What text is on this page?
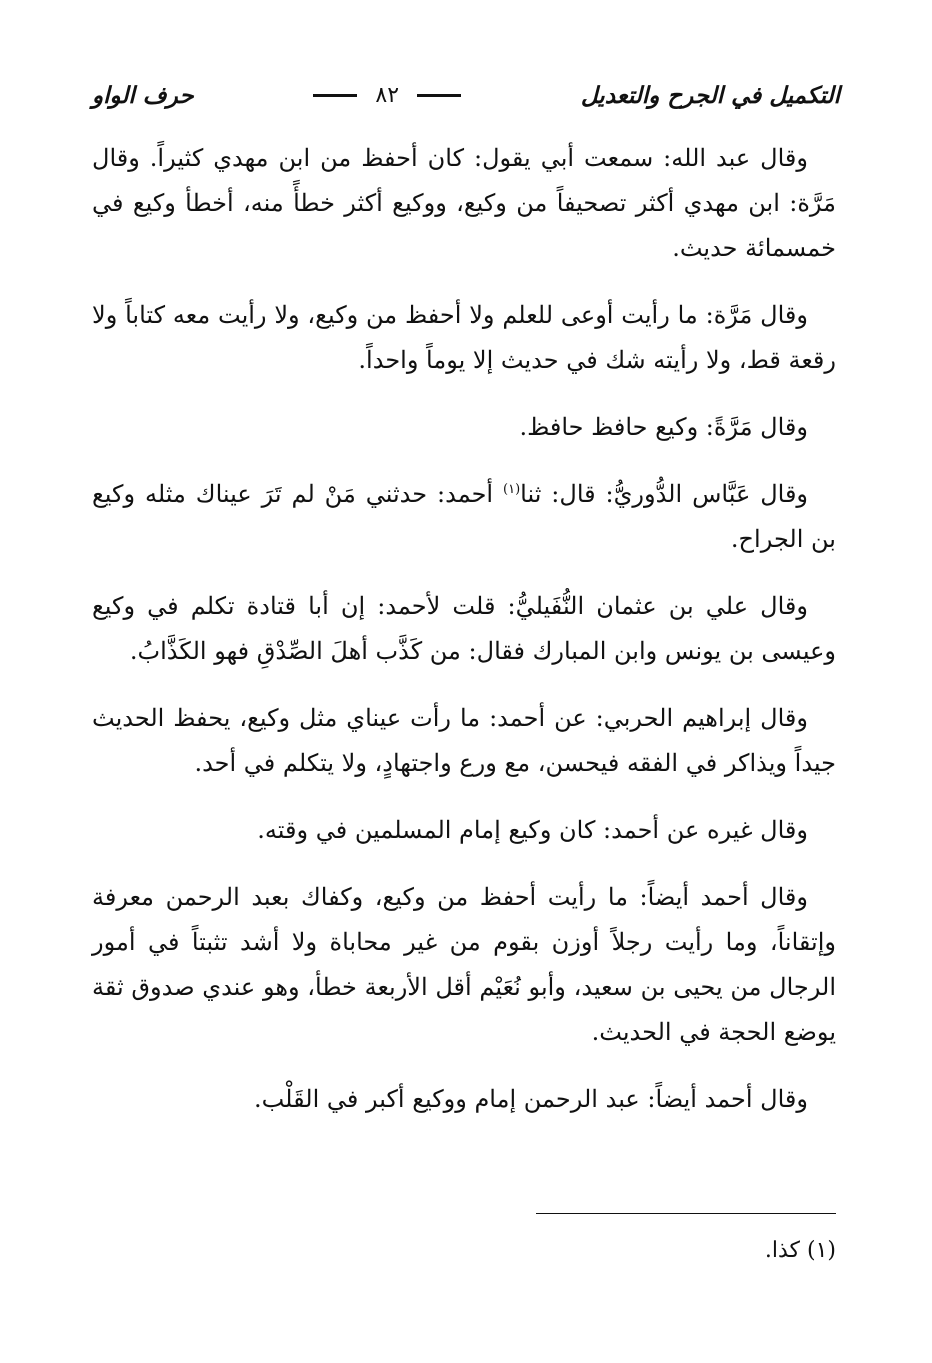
التكميل في الجرح والتعديل
٨٢
حرف الواو

وقال عبد الله: سمعت أبي يقول: كان أحفظ من ابن مهدي كثيراً. وقال مَرَّة: ابن مهدي أكثر تصحيفاً من وكيع، ووكيع أكثر خطأً منه، أخطأ وكيع في خمسمائة حديث.

وقال مَرَّة: ما رأيت أوعى للعلم ولا أحفظ من وكيع، ولا رأيت معه كتاباً ولا رقعة قط، ولا رأيته شك في حديث إلا يوماً واحداً.

وقال مَرَّةً: وكيع حافظ حافظ.

وقال عَبَّاس الدُّوريُّ: قال: ثنا$^{(١)}$ أحمد: حدثني مَنْ لم تَرَ عيناك مثله وكيع بن الجراح.

وقال علي بن عثمان النُّفَيليُّ: قلت لأحمد: إن أبا قتادة تكلم في وكيع وعيسى بن يونس وابن المبارك فقال: من كَذَّب أهلَ الصِّدْقِ فهو الكَذَّابُ.

وقال إبراهيم الحربي: عن أحمد: ما رأت عيناي مثل وكيع، يحفظ الحديث جيداً ويذاكر في الفقه فيحسن، مع ورع واجتهادٍ، ولا يتكلم في أحد.

وقال غيره عن أحمد: كان وكيع إمام المسلمين في وقته.

وقال أحمد أيضاً: ما رأيت أحفظ من وكيع، وكفاك بعبد الرحمن معرفة وإتقاناً، وما رأيت رجلاً أوزن بقوم من غير محاباة ولا أشد تثبتاً في أمور الرجال من يحيى بن سعيد، وأبو نُعَيْم أقل الأربعة خطأ، وهو عندي صدوق ثقة يوضع الحجة في الحديث.

وقال أحمد أيضاً: عبد الرحمن إمام ووكيع أكبر في القَلْب.

(١) كذا.
